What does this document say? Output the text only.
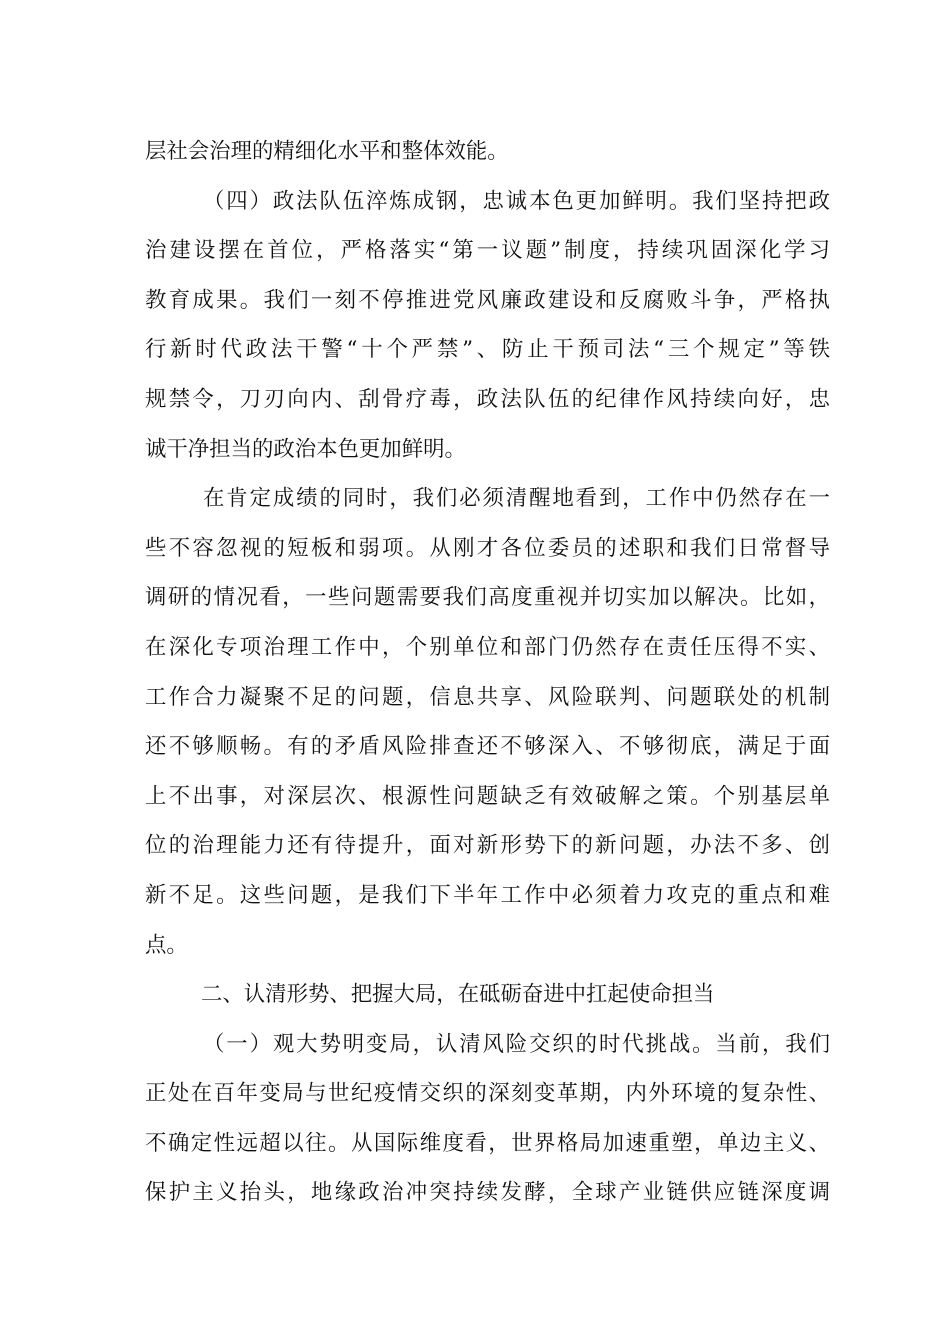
层社会治理的精细化水平和整体效能。
（四）政法队伍淬炼成钢，忠诚本色更加鲜明。我们坚持把政
治建设摆在首位，严格落实“第一议题”制度，持续巩固深化学习
教育成果。我们一刻不停推进党风廉政建设和反腐败斗争，严格执
行新时代政法干警“十个严禁”、防止干预司法“三个规定”等铁
规禁令，刀刃向内、刮骨疗毒，政法队伍的纪律作风持续向好，忠
诚干净担当的政治本色更加鲜明。
在肯定成绩的同时，我们必须清醒地看到，工作中仍然存在一
些不容忽视的短板和弱项。从刚才各位委员的述职和我们日常督导
调研的情况看，一些问题需要我们高度重视并切实加以解决。比如，
在深化专项治理工作中，个别单位和部门仍然存在责任压得不实、
工作合力凝聚不足的问题，信息共享、风险联判、问题联处的机制
还不够顺畅。有的矛盾风险排查还不够深入、不够彻底，满足于面
上不出事，对深层次、根源性问题缺乏有效破解之策。个别基层单
位的治理能力还有待提升，面对新形势下的新问题，办法不多、创
新不足。这些问题，是我们下半年工作中必须着力攻克的重点和难
点。
二、认清形势、把握大局，在砥砺奋进中扛起使命担当
（一）观大势明变局，认清风险交织的时代挑战。当前，我们
正处在百年变局与世纪疫情交织的深刻变革期，内外环境的复杂性、
不确定性远超以往。从国际维度看，世界格局加速重塑，单边主义、
保护主义抬头，地缘政治冲突持续发酵，全球产业链供应链深度调
